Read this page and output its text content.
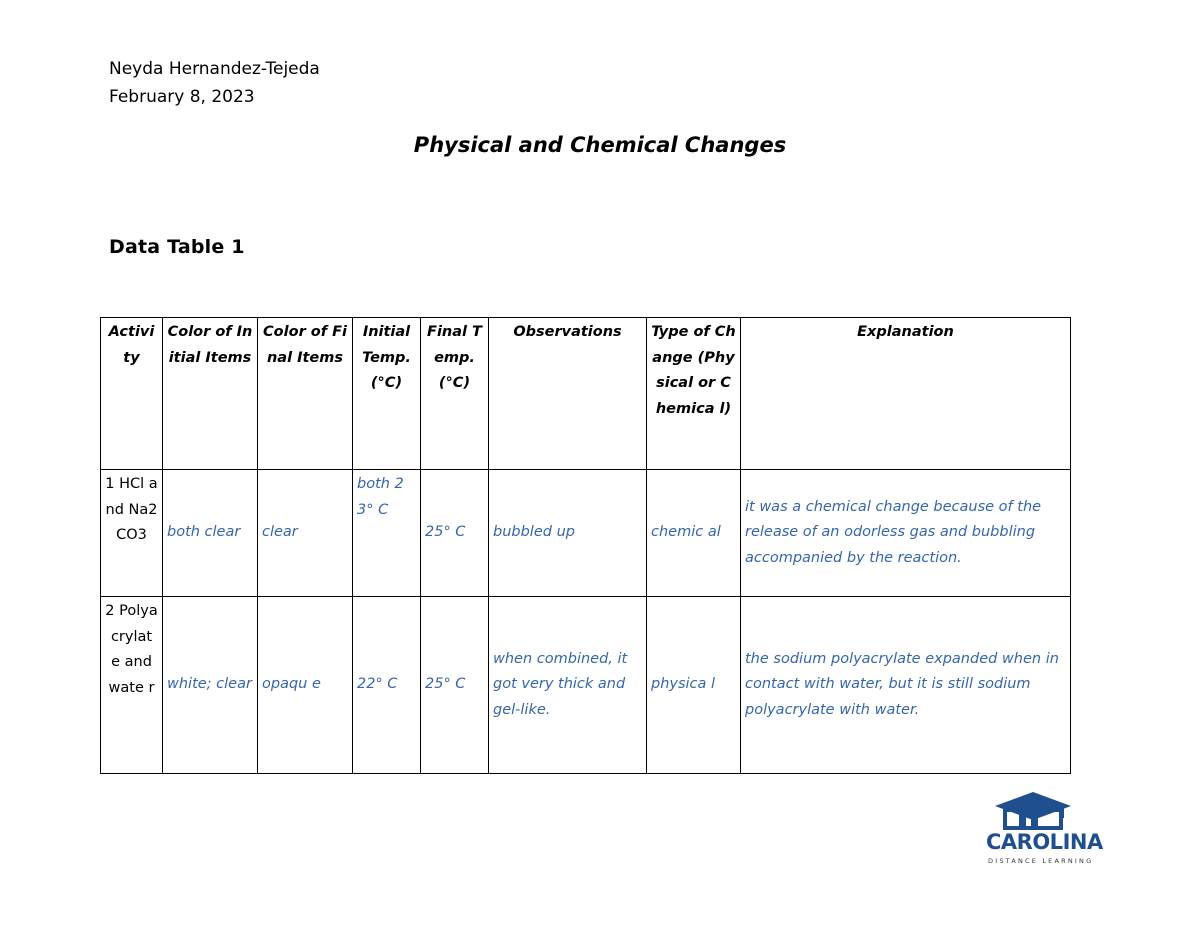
Neyda Hernandez-Tejeda
February 8, 2023
Physical and Chemical Changes
Data Table 1
Activi ty	Color of Initial Items	Color of Final Items	Initial Temp. (°C)	Final Temp. (°C)	Observations	Type of Change (Physical or Chemica l)	Explanation
1 HCl and Na2 CO3	both clear	clear	both 23° C	25° C	bubbled up	chemic al	it was a chemical change because of the release of an odorless gas and bubbling accompanied by the reaction.
2 Polya crylat e and wate r	white; clear	opaqu e	22° C	25° C	when combined, it got very thick and gel-like.	physica l	the sodium polyacrylate expanded when in contact with water, but it is still sodium polyacrylate with water.
CAROLINA
DISTANCE LEARNING
